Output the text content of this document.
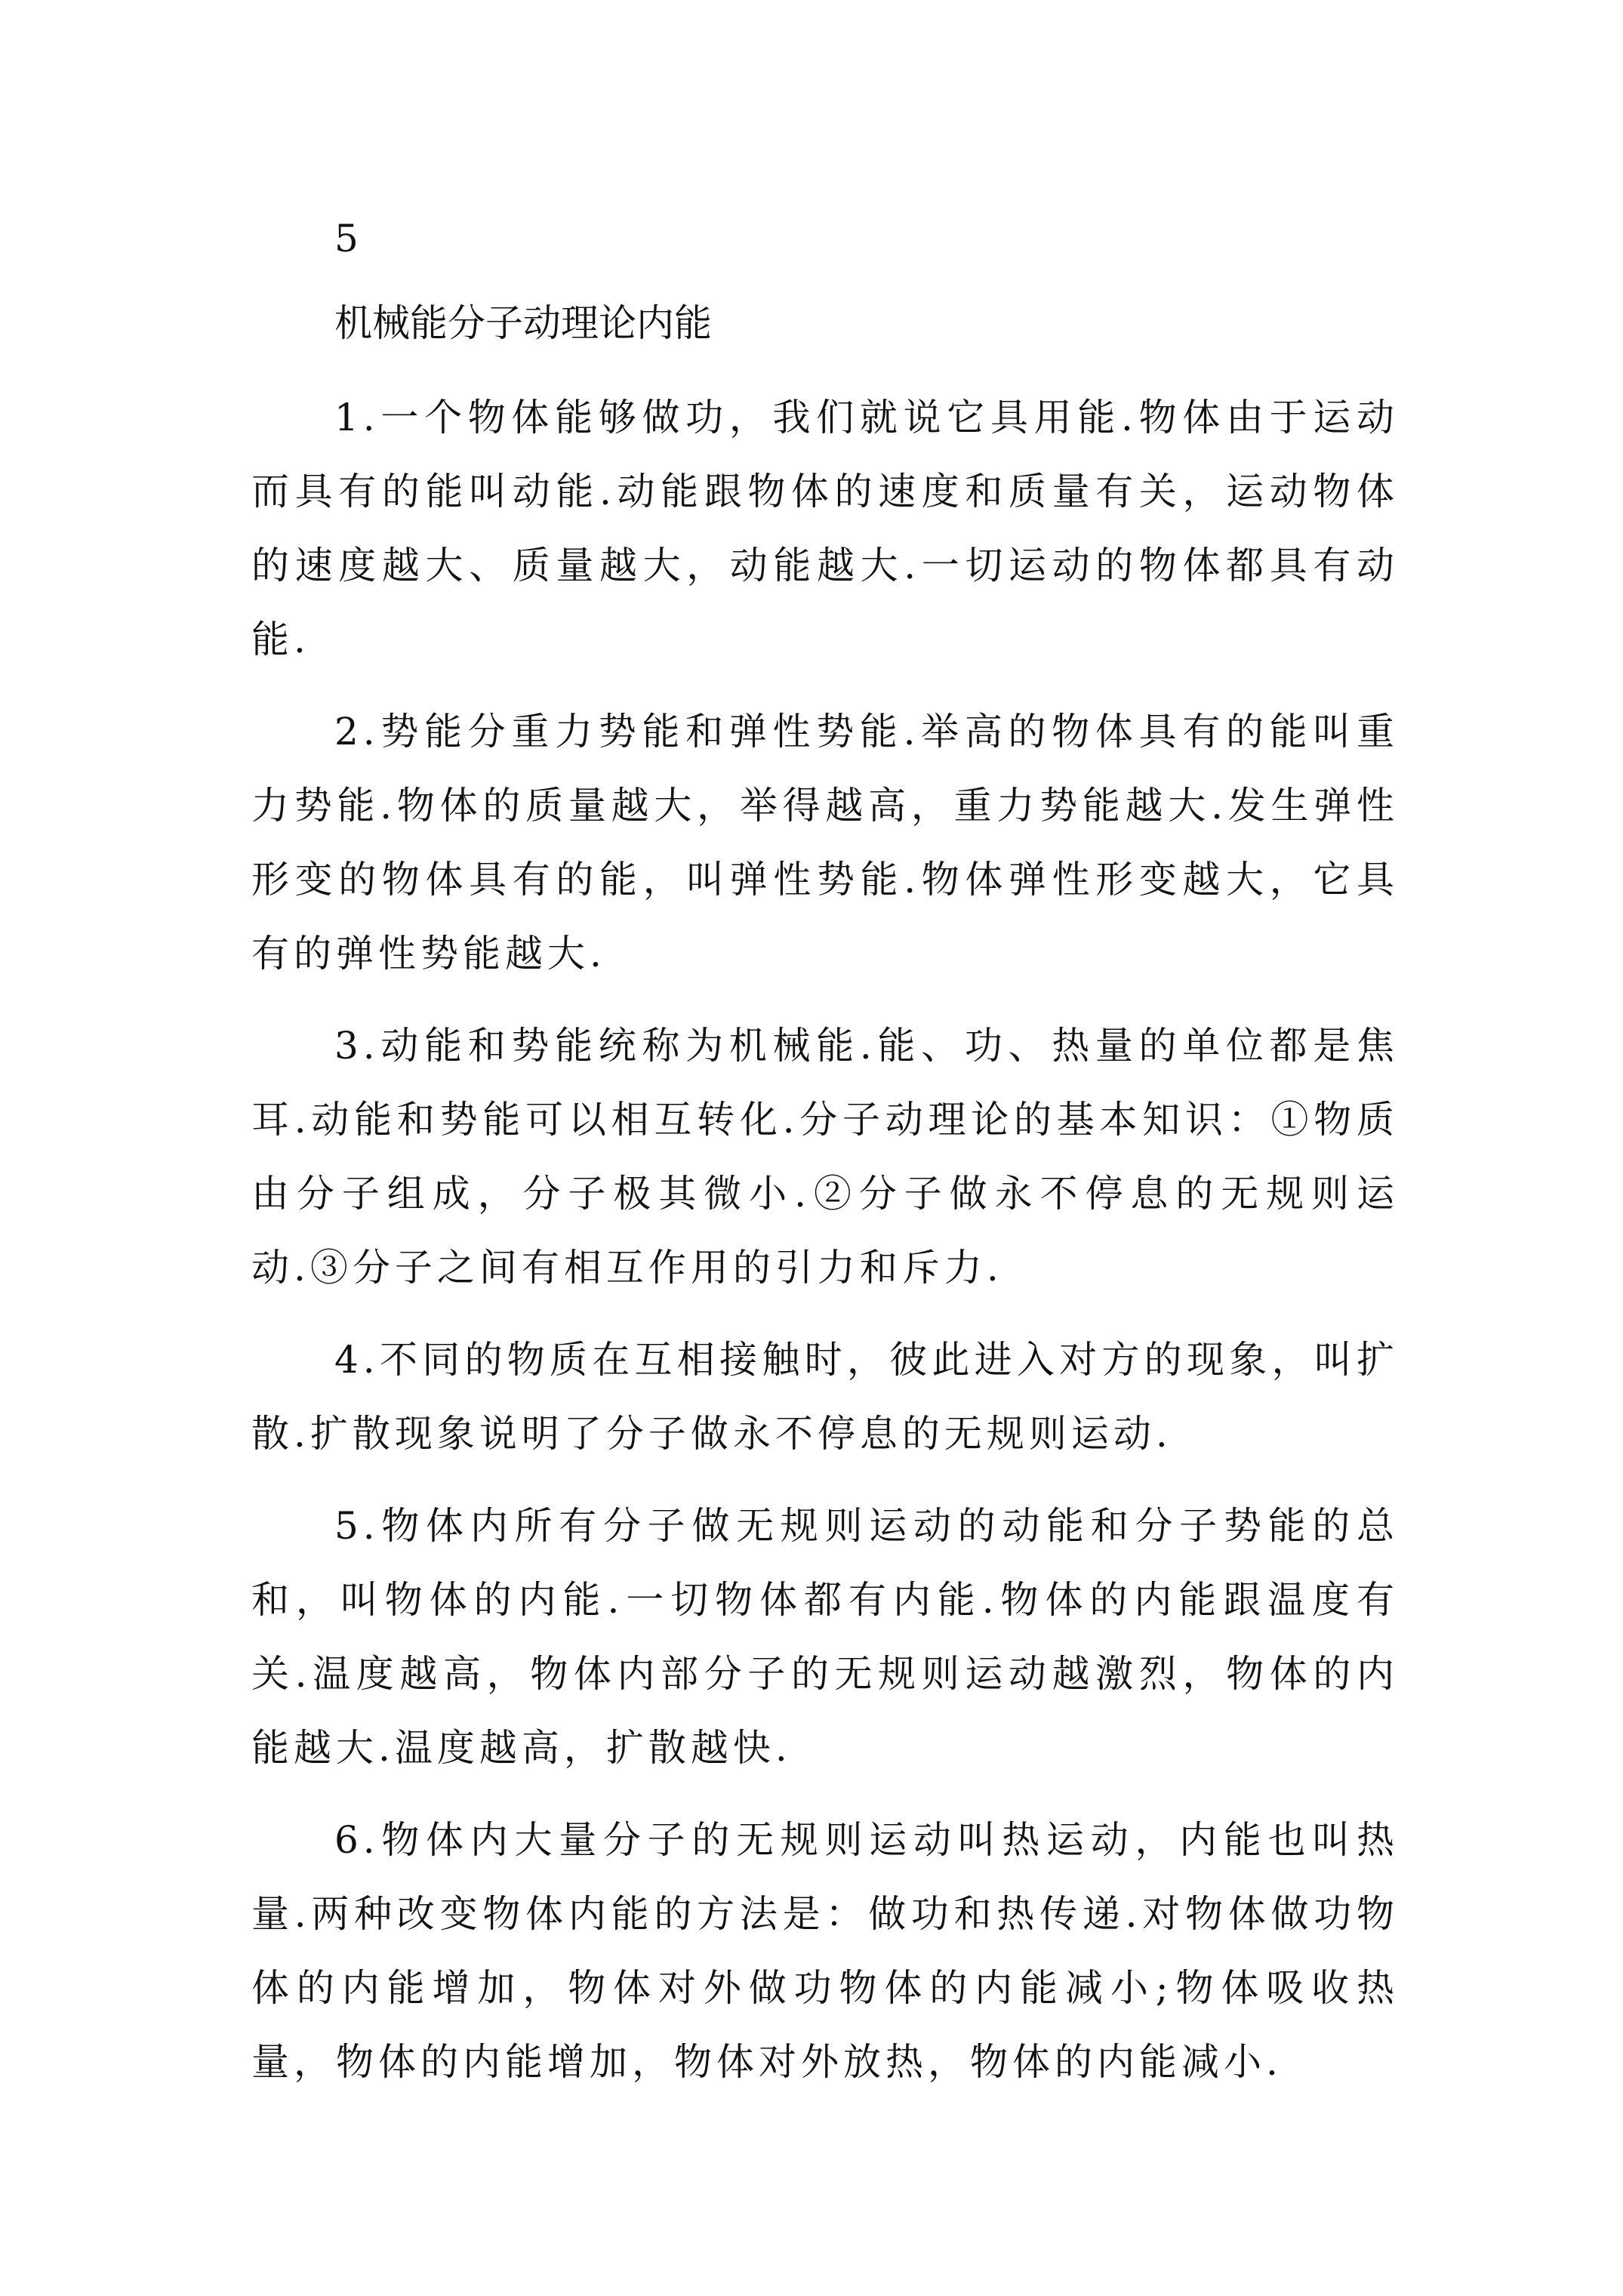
5

机械能分子动理论内能

1.一个物体能够做功，我们就说它具用能.物体由于运动而具有的能叫动能.动能跟物体的速度和质量有关，运动物体的速度越大、质量越大，动能越大.一切运动的物体都具有动能.

2.势能分重力势能和弹性势能.举高的物体具有的能叫重力势能.物体的质量越大，举得越高，重力势能越大.发生弹性形变的物体具有的能，叫弹性势能.物体弹性形变越大，它具有的弹性势能越大.

3.动能和势能统称为机械能.能、功、热量的单位都是焦耳.动能和势能可以相互转化.分子动理论的基本知识：①物质由分子组成，分子极其微小.②分子做永不停息的无规则运动.③分子之间有相互作用的引力和斥力.

4.不同的物质在互相接触时，彼此进入对方的现象，叫扩散.扩散现象说明了分子做永不停息的无规则运动.

5.物体内所有分子做无规则运动的动能和分子势能的总和，叫物体的内能.一切物体都有内能.物体的内能跟温度有关.温度越高，物体内部分子的无规则运动越激烈，物体的内能越大.温度越高，扩散越快.

6.物体内大量分子的无规则运动叫热运动，内能也叫热量.两种改变物体内能的方法是：做功和热传递.对物体做功物体的内能增加，物体对外做功物体的内能减小;物体吸收热量，物体的内能增加，物体对外放热，物体的内能减小.
